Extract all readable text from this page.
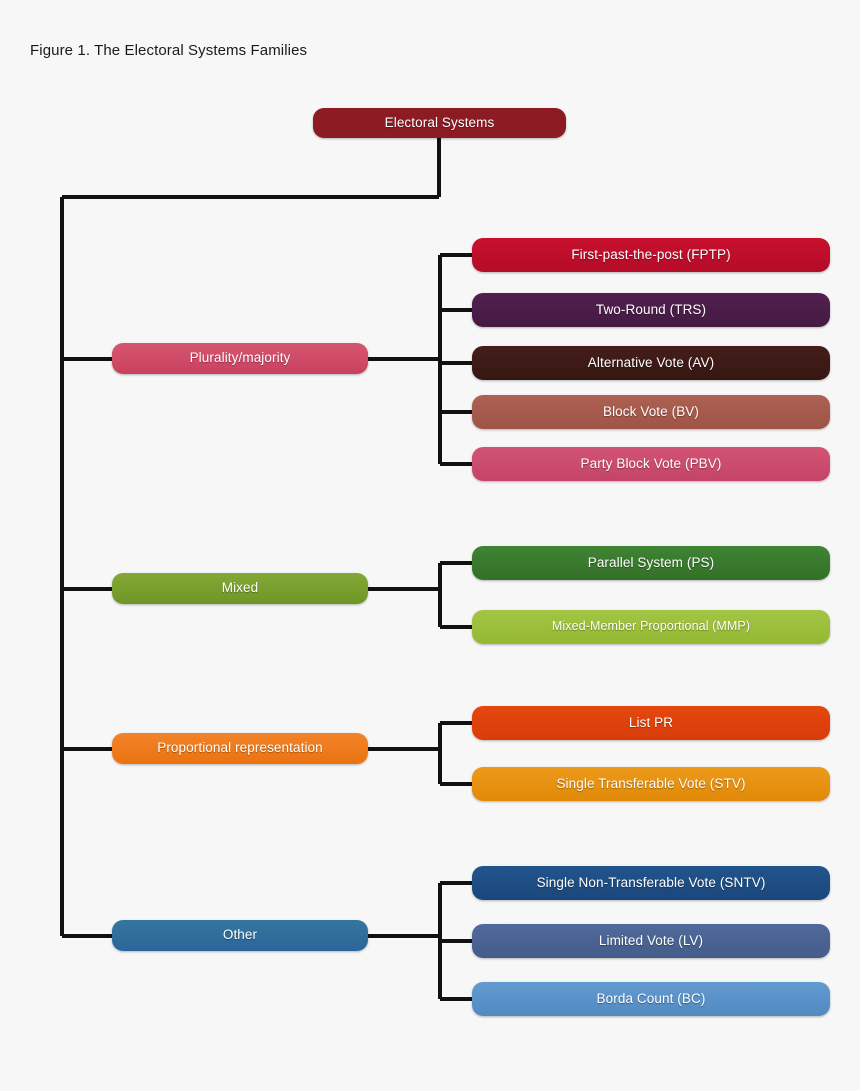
Figure 1. The Electoral Systems Families
Electoral Systems
Plurality/majority
First-past-the-post (FPTP)
Two-Round (TRS)
Alternative Vote (AV)
Block Vote (BV)
Party Block Vote (PBV)
Mixed
Parallel System (PS)
Mixed-Member Proportional (MMP)
Proportional representation
List PR
Single Transferable Vote (STV)
Other
Single Non-Transferable Vote (SNTV)
Limited Vote (LV)
Borda Count (BC)
